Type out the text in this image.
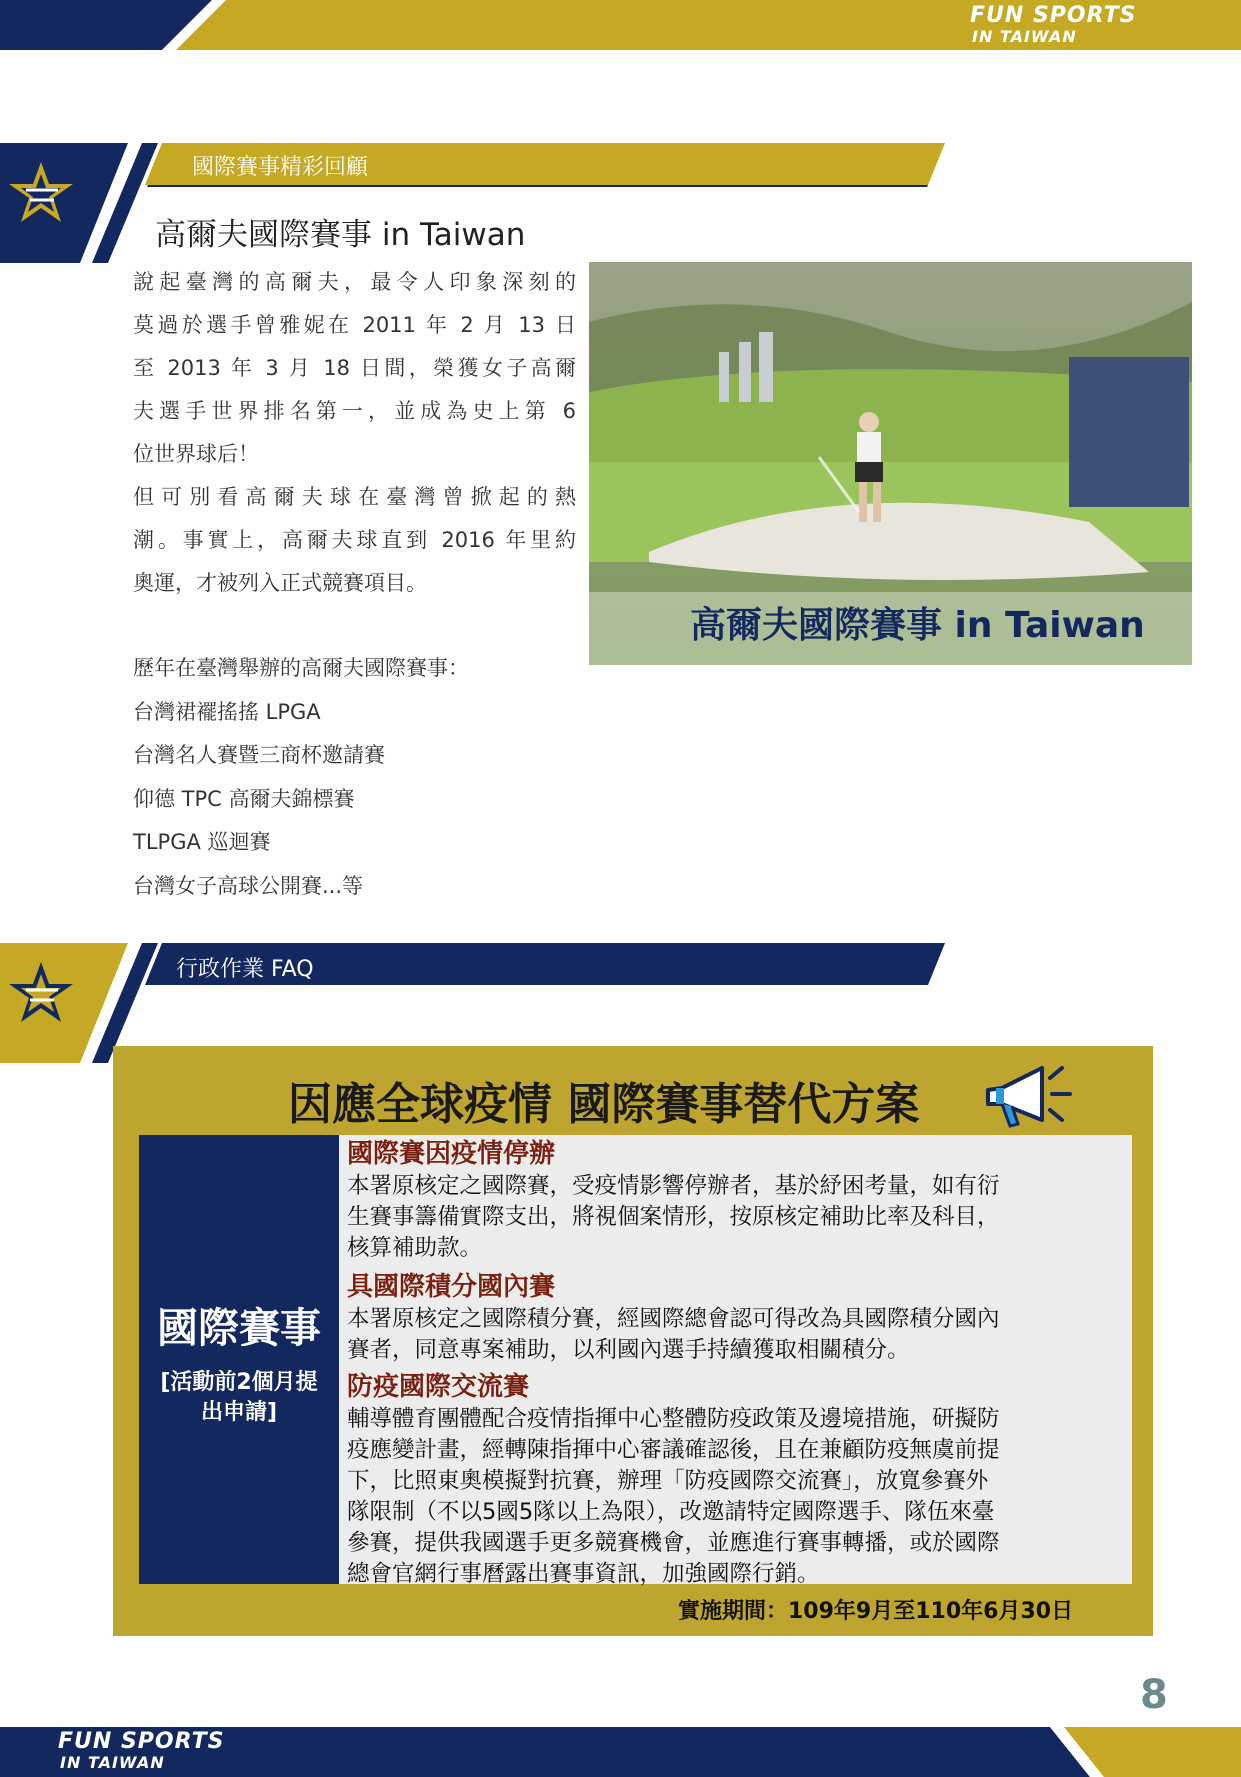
FUN SPORTS
IN TAIWAN
國際賽事精彩回顧
高爾夫國際賽事 in Taiwan
說起臺灣的高爾夫，最令人印象深刻的
莫過於選手曾雅妮在 2011 年 2 月 13 日
至 2013 年 3 月 18 日間，榮獲女子高爾
夫選手世界排名第一，並成為史上第 6
位世界球后！
但可別看高爾夫球在臺灣曾掀起的熱
潮。事實上，高爾夫球直到 2016 年里約
奧運，才被列入正式競賽項目。
歷年在臺灣舉辦的高爾夫國際賽事：
台灣裙襬搖搖 LPGA
台灣名人賽暨三商杯邀請賽
仰德 TPC 高爾夫錦標賽
TLPGA 巡迴賽
台灣女子高球公開賽...等
高爾夫國際賽事 in Taiwan
行政作業 FAQ
因應全球疫情 國際賽事替代方案
國際賽事
[活動前2個月提
出申請]
國際賽因疫情停辦
本署原核定之國際賽，受疫情影響停辦者，基於紓困考量，如有衍
生賽事籌備實際支出，將視個案情形，按原核定補助比率及科目，
核算補助款。
具國際積分國內賽
本署原核定之國際積分賽，經國際總會認可得改為具國際積分國內
賽者，同意專案補助，以利國內選手持續獲取相關積分。
防疫國際交流賽
輔導體育團體配合疫情指揮中心整體防疫政策及邊境措施，研擬防
疫應變計畫，經轉陳指揮中心審議確認後，且在兼顧防疫無虞前提
下，比照東奧模擬對抗賽，辦理「防疫國際交流賽」，放寬參賽外
隊限制（不以5國5隊以上為限），改邀請特定國際選手、隊伍來臺
參賽，提供我國選手更多競賽機會，並應進行賽事轉播，或於國際
總會官網行事曆露出賽事資訊，加強國際行銷。
實施期間：109年9月至110年6月30日
8
FUN SPORTS
IN TAIWAN
